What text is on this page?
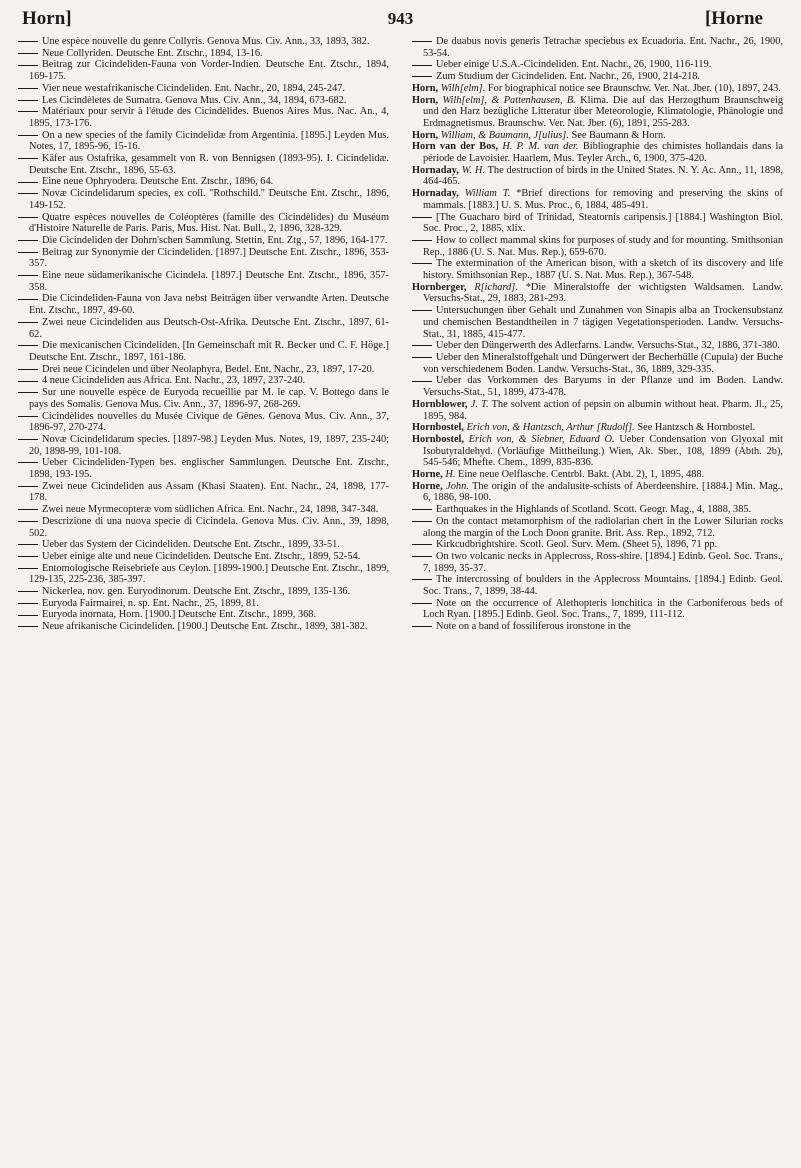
Horn]	943	[Horne

Une espèce nouvelle du genre Collyris. Genova Mus. Civ. Ann., 33, 1893, 382.

Neue Collyriden. Deutsche Ent. Ztschr., 1894, 13-16.

Beitrag zur Cicindeliden-Fauna von Vorder-Indien. Deutsche Ent. Ztschr., 1894, 169-175.

Vier neue westafrikanische Cicindeliden. Ent. Nachr., 20, 1894, 245-247.

Les Cicindèletes de Sumatra. Genova Mus. Civ. Ann., 34, 1894, 673-682.

Matériaux pour servir à l'étude des Cicindèlides. Buenos Aires Mus. Nac. An., 4, 1895, 173-176.

On a new species of the family Cicindelidæ from Argentinia. [1895.] Leyden Mus. Notes, 17, 1895-96, 15-16.

Käfer aus Ostafrika, gesammelt von R. von Bennigsen (1893-95). I. Cicindelidæ. Deutsche Ent. Ztschr., 1896, 55-63.

Eine neue Ophryodera. Deutsche Ent. Ztschr., 1896, 64.

Novæ Cicindelidarum species, ex coll. "Rothschild." Deutsche Ent. Ztschr., 1896, 149-152.

Quatre espèces nouvelles de Coléoptères (famille des Cicindèlides) du Muséum d'Histoire Naturelle de Paris. Paris, Mus. Hist. Nat. Bull., 2, 1896, 328-329.

Die Cicindeliden der Dohrn'schen Sammlung. Stettin, Ent. Ztg., 57, 1896, 164-177.

Beitrag zur Synonymie der Cicindeliden. [1897.] Deutsche Ent. Ztschr., 1896, 353-357.

Eine neue südamerikanische Cicindela. [1897.] Deutsche Ent. Ztschr., 1896, 357-358.

Die Cicindeliden-Fauna von Java nebst Beiträgen über verwandte Arten. Deutsche Ent. Ztschr., 1897, 49-60.

Zwei neue Cicindeliden aus Deutsch-Ost-Afrika. Deutsche Ent. Ztschr., 1897, 61-62.

Die mexicanischen Cicindeliden. [In Gemeinschaft mit R. Becker und C. F. Höge.] Deutsche Ent. Ztschr., 1897, 161-186.

Drei neue Cicindelen und über Neolaphyra, Bedel. Ent. Nachr., 23, 1897, 17-20.

4 neue Cicindeliden aus Africa. Ent. Nachr., 23, 1897, 237-240.

Sur une nouvelle espèce de Euryoda recueillie par M. le cap. V. Bottego dans le pays des Somalis. Genova Mus. Civ. Ann., 37, 1896-97, 268-269.

Cicindèlides nouvelles du Musée Civique de Gênes. Genova Mus. Civ. Ann., 37, 1896-97, 270-274.

Novæ Cicindelidarum species. [1897-98.] Leyden Mus. Notes, 19, 1897, 235-240; 20, 1898-99, 101-108.

Ueber Cicindeliden-Typen bes. englischer Sammlungen. Deutsche Ent. Ztschr., 1898, 193-195.

Zwei neue Cicindeliden aus Assam (Khasi Staaten). Ent. Nachr., 24, 1898, 177-178.

Zwei neue Myrmecopteræ vom südlichen Africa. Ent. Nachr., 24, 1898, 347-348.

Descrizione di una nuova specie di Cicindela. Genova Mus. Civ. Ann., 39, 1898, 502.

Ueber das System der Cicindeliden. Deutsche Ent. Ztschr., 1899, 33-51.

Ueber einige alte und neue Cicindeliden. Deutsche Ent. Ztschr., 1899, 52-54.

Entomologische Reisebriefe aus Ceylon. [1899-1900.] Deutsche Ent. Ztschr., 1899, 129-135, 225-236, 385-397.

Nickerlea, nov. gen. Euryodinorum. Deutsche Ent. Ztschr., 1899, 135-136.

Euryoda Fairmairei, n. sp. Ent. Nachr., 25, 1899, 81.

Euryoda inornata, Horn. [1900.] Deutsche Ent. Ztschr., 1899, 368.

Neue afrikanische Cicindeliden. [1900.] Deutsche Ent. Ztschr., 1899, 381-382.

De duabus novis generis Tetrachæ speciebus ex Ecuadoria. Ent. Nachr., 26, 1900, 53-54.

Ueber einige U.S.A.-Cicindeliden. Ent. Nachr., 26, 1900, 116-119.

Zum Studium der Cicindeliden. Ent. Nachr., 26, 1900, 214-218.

Horn, Wilh[elm]. For biographical notice see Braunschw. Ver. Nat. Jber. (10), 1897, 243.

Horn, Wilh[elm], & Pattenhausen, B. Klima. Die auf das Herzogthum Braunschweig und den Harz bezügliche Litteratur über Meteorologie, Klimatologie, Phänologie und Erdmagnetismus. Braunschw. Ver. Nat. Jber. (6), 1891, 255-283.

Horn, William, & Baumann, J[ulius]. See Baumann & Horn.

Horn van der Bos, H. P. M. van der. Bibliographie des chimistes hollandais dans la période de Lavoisier. Haarlem, Mus. Teyler Arch., 6, 1900, 375-420.

Hornaday, W. H. The destruction of birds in the United States. N. Y. Ac. Ann., 11, 1898, 464-465.

Hornaday, William T. *Brief directions for removing and preserving the skins of mammals. [1883.] U. S. Mus. Proc., 6, 1884, 485-491.

[The Guacharo bird of Trinidad, Steatornis caripensis.] [1884.] Washington Biol. Soc. Proc., 2, 1885, xlix.

How to collect mammal skins for purposes of study and for mounting. Smithsonian Rep., 1886 (U. S. Nat. Mus. Rep.), 659-670.

The extermination of the American bison, with a sketch of its discovery and life history. Smithsonian Rep., 1887 (U. S. Nat. Mus. Rep.), 367-548.

Hornberger, R[ichard]. *Die Mineralstoffe der wichtigsten Waldsamen. Landw. Versuchs-Stat., 29, 1883, 281-293.

Untersuchungen über Gehalt und Zunahmen von Sinapis alba an Trockensubstanz und chemischen Bestandtheilen in 7 tägigen Vegetationsperioden. Landw. Versuchs-Stat., 31, 1885, 415-477.

Ueber den Düngerwerth des Adlerfarns. Landw. Versuchs-Stat., 32, 1886, 371-380.

Ueber den Mineralstoffgehalt und Düngerwert der Becherhülle (Cupula) der Buche von verschiedenem Boden. Landw. Versuchs-Stat., 36, 1889, 329-335.

Ueber das Vorkommen des Baryums in der Pflanze und im Boden. Landw. Versuchs-Stat., 51, 1899, 473-478.

Hornblower, J. T. The solvent action of pepsin on albumin without heat. Pharm. Jl., 25, 1895, 984.

Hornbostel, Erich von, & Hantzsch, Arthur [Rudolf]. See Hantzsch & Hornbostel.

Hornbostel, Erich von, & Siebner, Eduard O. Ueber Condensation von Glyoxal mit Isobutyraldehyd. (Vorläufige Mittheilung.) Wien, Ak. Sber., 108, 1899 (Abth. 2b), 545-546; Mhefte. Chem., 1899, 835-836.

Horne, H. Eine neue Oelflasche. Centrbl. Bakt. (Abt. 2), 1, 1895, 488.

Horne, John. The origin of the andalusite-schists of Aberdeenshire. [1884.] Min. Mag., 6, 1886, 98-100.

Earthquakes in the Highlands of Scotland. Scott. Geogr. Mag., 4, 1888, 385.

On the contact metamorphism of the radiolarian chert in the Lower Silurian rocks along the margin of the Loch Doon granite. Brit. Ass. Rep., 1892, 712.

Kirkcudbrightshire. Scotl. Geol. Surv. Mem. (Sheet 5), 1896, 71 pp.

On two volcanic necks in Applecross, Ross-shire. [1894.] Edinb. Geol. Soc. Trans., 7, 1899, 35-37.

The intercrossing of boulders in the Applecross Mountains. [1894.] Edinb. Geol. Soc. Trans., 7, 1899, 38-44.

Note on the occurrence of Alethopteris lonchitica in the Carboniferous beds of Loch Ryan. [1895.] Edinb. Geol. Soc. Trans., 7, 1899, 111-112.

Note on a band of fossiliferous ironstone in the
